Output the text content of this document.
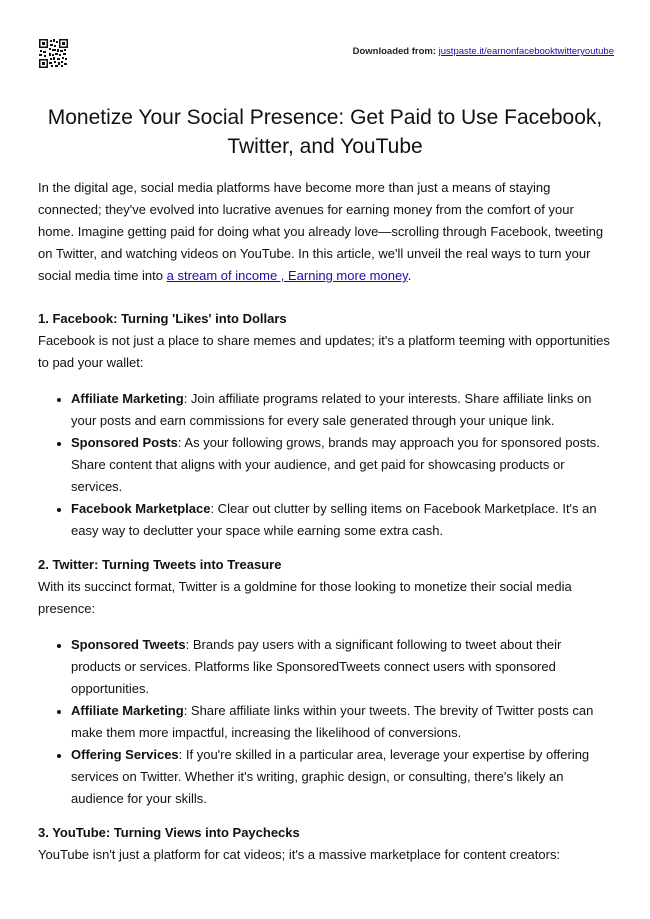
Downloaded from: justpaste.it/earnonfacebooktwitteryoutube
Monetize Your Social Presence: Get Paid to Use Facebook, Twitter, and YouTube

In the digital age, social media platforms have become more than just a means of staying connected; they've evolved into lucrative avenues for earning money from the comfort of your home. Imagine getting paid for doing what you already love—scrolling through Facebook, tweeting on Twitter, and watching videos on YouTube. In this article, we'll unveil the real ways to turn your social media time into a stream of income , Earning more money.

1. Facebook: Turning 'Likes' into Dollars

Facebook is not just a place to share memes and updates; it's a platform teeming with opportunities to pad your wallet:

• Affiliate Marketing: Join affiliate programs related to your interests. Share affiliate links on your posts and earn commissions for every sale generated through your unique link.
• Sponsored Posts: As your following grows, brands may approach you for sponsored posts. Share content that aligns with your audience, and get paid for showcasing products or services.
• Facebook Marketplace: Clear out clutter by selling items on Facebook Marketplace. It's an easy way to declutter your space while earning some extra cash.

2. Twitter: Turning Tweets into Treasure

With its succinct format, Twitter is a goldmine for those looking to monetize their social media presence:

• Sponsored Tweets: Brands pay users with a significant following to tweet about their products or services. Platforms like SponsoredTweets connect users with sponsored opportunities.
• Affiliate Marketing: Share affiliate links within your tweets. The brevity of Twitter posts can make them more impactful, increasing the likelihood of conversions.
• Offering Services: If you're skilled in a particular area, leverage your expertise by offering services on Twitter. Whether it's writing, graphic design, or consulting, there's likely an audience for your skills.

3. YouTube: Turning Views into Paychecks

YouTube isn't just a platform for cat videos; it's a massive marketplace for content creators:
